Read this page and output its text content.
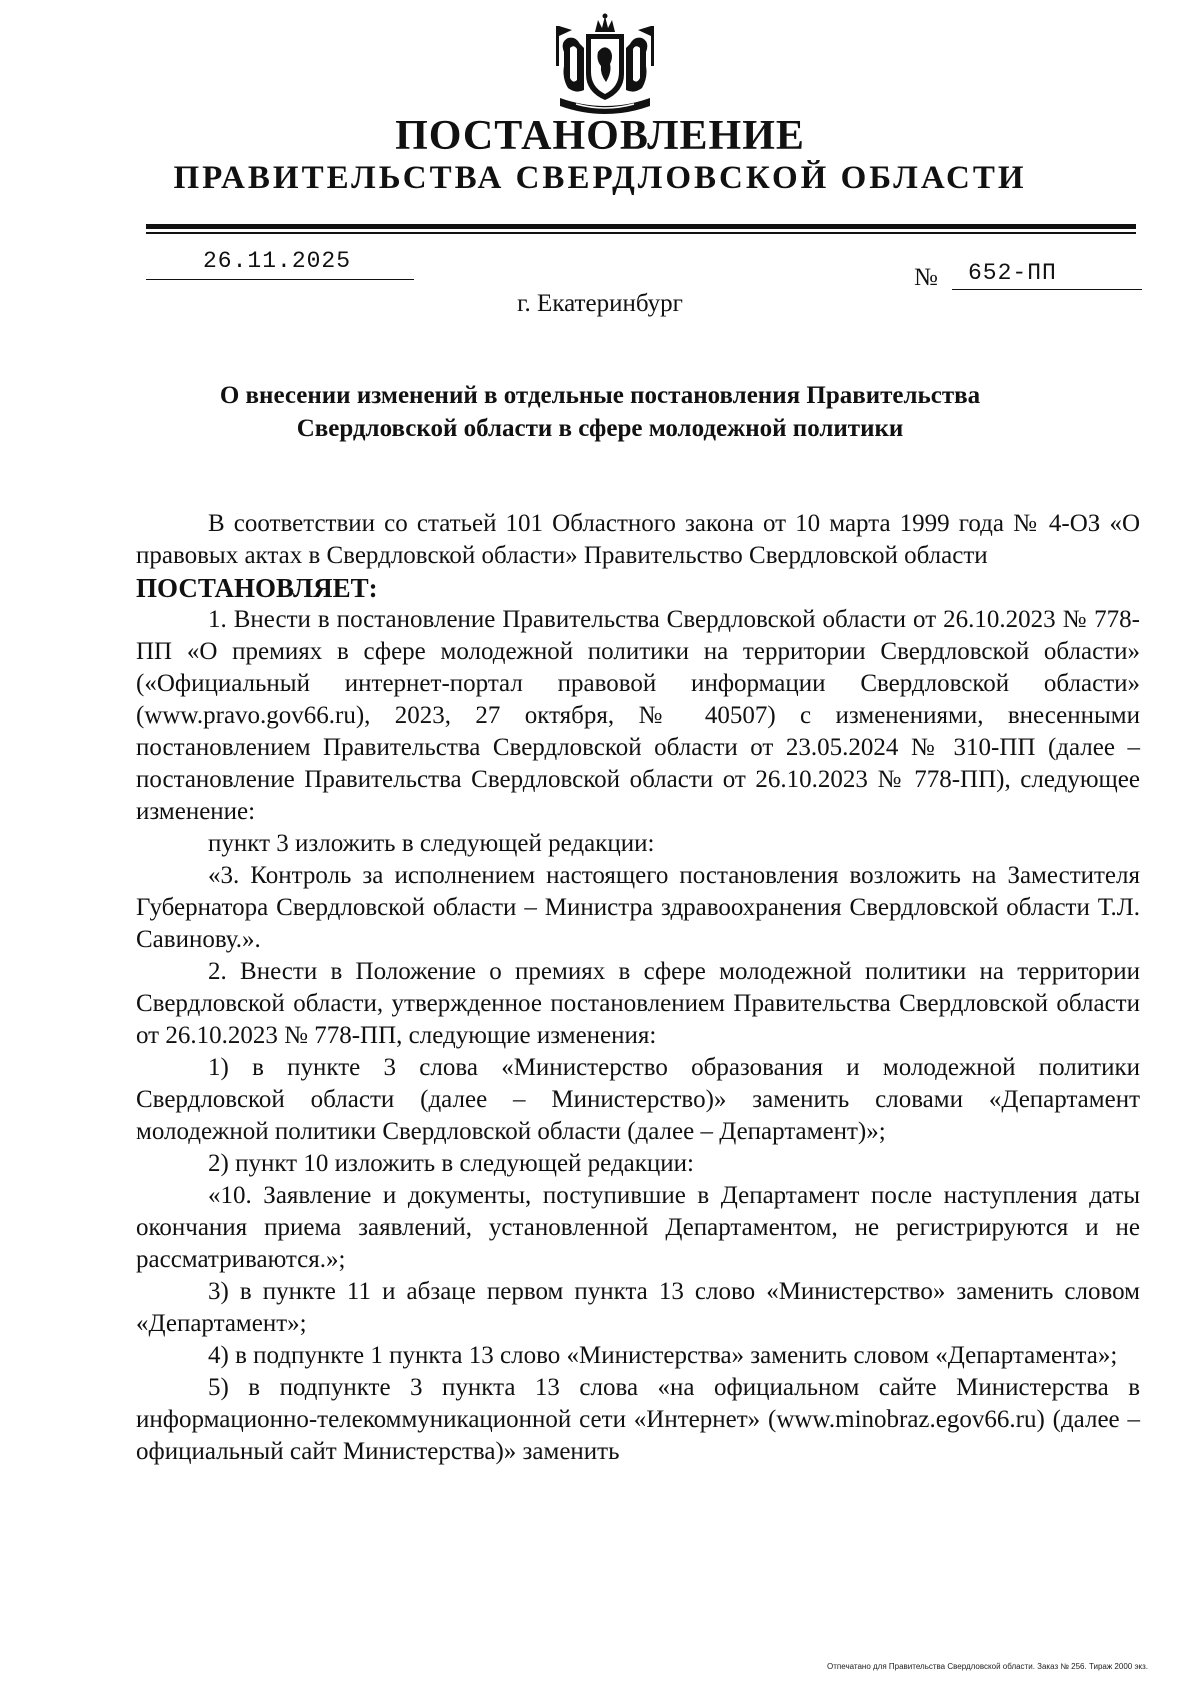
ПОСТАНОВЛЕНИЕ
ПРАВИТЕЛЬСТВА СВЕРДЛОВСКОЙ ОБЛАСТИ
26.11.2025
№	652-ПП
г. Екатеринбург
О внесении изменений в отдельные постановления Правительства
Свердловской области в сфере молодежной политики

В соответствии со статьей 101 Областного закона от 10 марта 1999 года № 4-ОЗ «О правовых актах в Свердловской области» Правительство Свердловской области

ПОСТАНОВЛЯЕТ:

1. Внести в постановление Правительства Свердловской области от 26.10.2023 № 778-ПП «О премиях в сфере молодежной политики на территории Свердловской области» («Официальный интернет-портал правовой информации Свердловской области» (www.pravo.gov66.ru), 2023, 27 октября, № 40507) с изменениями, внесенными постановлением Правительства Свердловской области от 23.05.2024 № 310-ПП (далее – постановление Правительства Свердловской области от 26.10.2023 № 778-ПП), следующее изменение:

пункт 3 изложить в следующей редакции:

«3. Контроль за исполнением настоящего постановления возложить на Заместителя Губернатора Свердловской области – Министра здравоохранения Свердловской области Т.Л. Савинову.».

2. Внести в Положение о премиях в сфере молодежной политики на территории Свердловской области, утвержденное постановлением Правительства Свердловской области от 26.10.2023 № 778-ПП, следующие изменения:

1) в пункте 3 слова «Министерство образования и молодежной политики Свердловской области (далее – Министерство)» заменить словами «Департамент молодежной политики Свердловской области (далее – Департамент)»;

2) пункт 10 изложить в следующей редакции:

«10. Заявление и документы, поступившие в Департамент после наступления даты окончания приема заявлений, установленной Департаментом, не регистрируются и не рассматриваются.»;

3) в пункте 11 и абзаце первом пункта 13 слово «Министерство» заменить словом «Департамент»;

4) в подпункте 1 пункта 13 слово «Министерства» заменить словом «Департамента»;

5) в подпункте 3 пункта 13 слова «на официальном сайте Министерства в информационно-телекоммуникационной сети «Интернет» (www.minobraz.egov66.ru) (далее – официальный сайт Министерства)» заменить

Отпечатано для Правительства Свердловской области. Заказ № 256. Тираж 2000 экз.
